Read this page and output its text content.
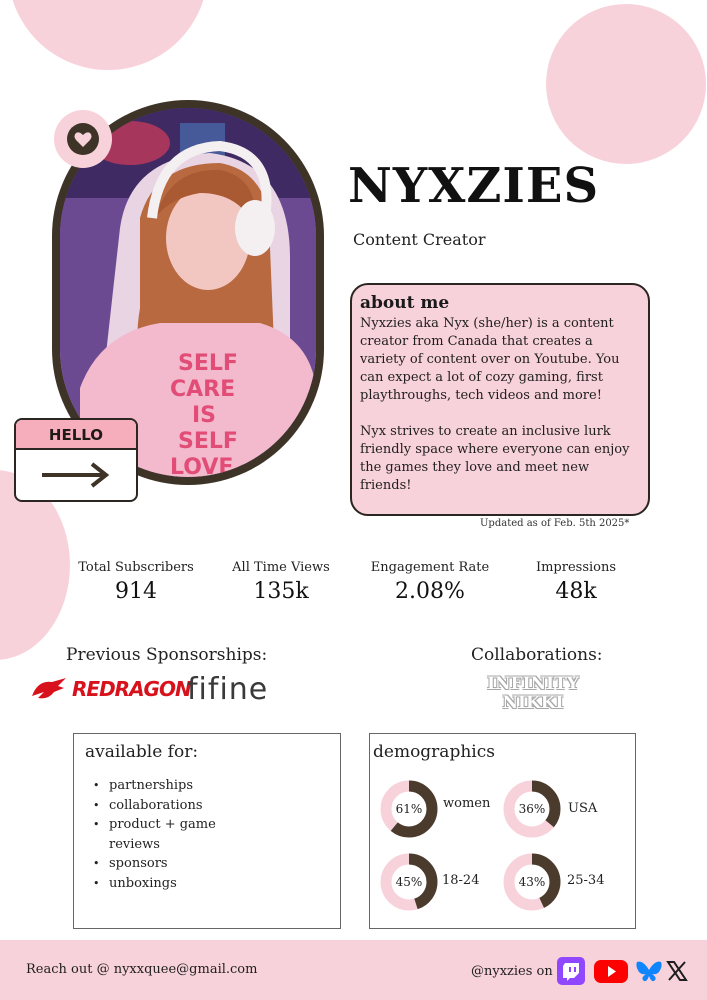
SELF
CARE
IS
SELF
LOVE
HELLO
NYXZIES
Content Creator
about me

Nyxzies aka Nyx (she/her) is a content creator from Canada that creates a variety of content over on Youtube. You can expect a lot of cozy gaming, first playthroughs, tech videos and more!

Nyx strives to create an inclusive lurk friendly space where everyone can enjoy the games they love and meet new friends!

Updated as of Feb. 5th 2025*
Total Subscribers
914
All Time Views
135k
Engagement Rate
2.08%
Impressions
48k
Previous Sponsorships:	Collaborations:
REDRAGON
fifine	INFINITY
NIKKI
available for:
• partnerships
• collaborations
• product + game reviews
• sponsors
• unboxings
demographics
61%	women	36%	USA
45%	18-24	43%	25-34
Reach out @ nyxxquee@gmail.com	@nyxzies on
